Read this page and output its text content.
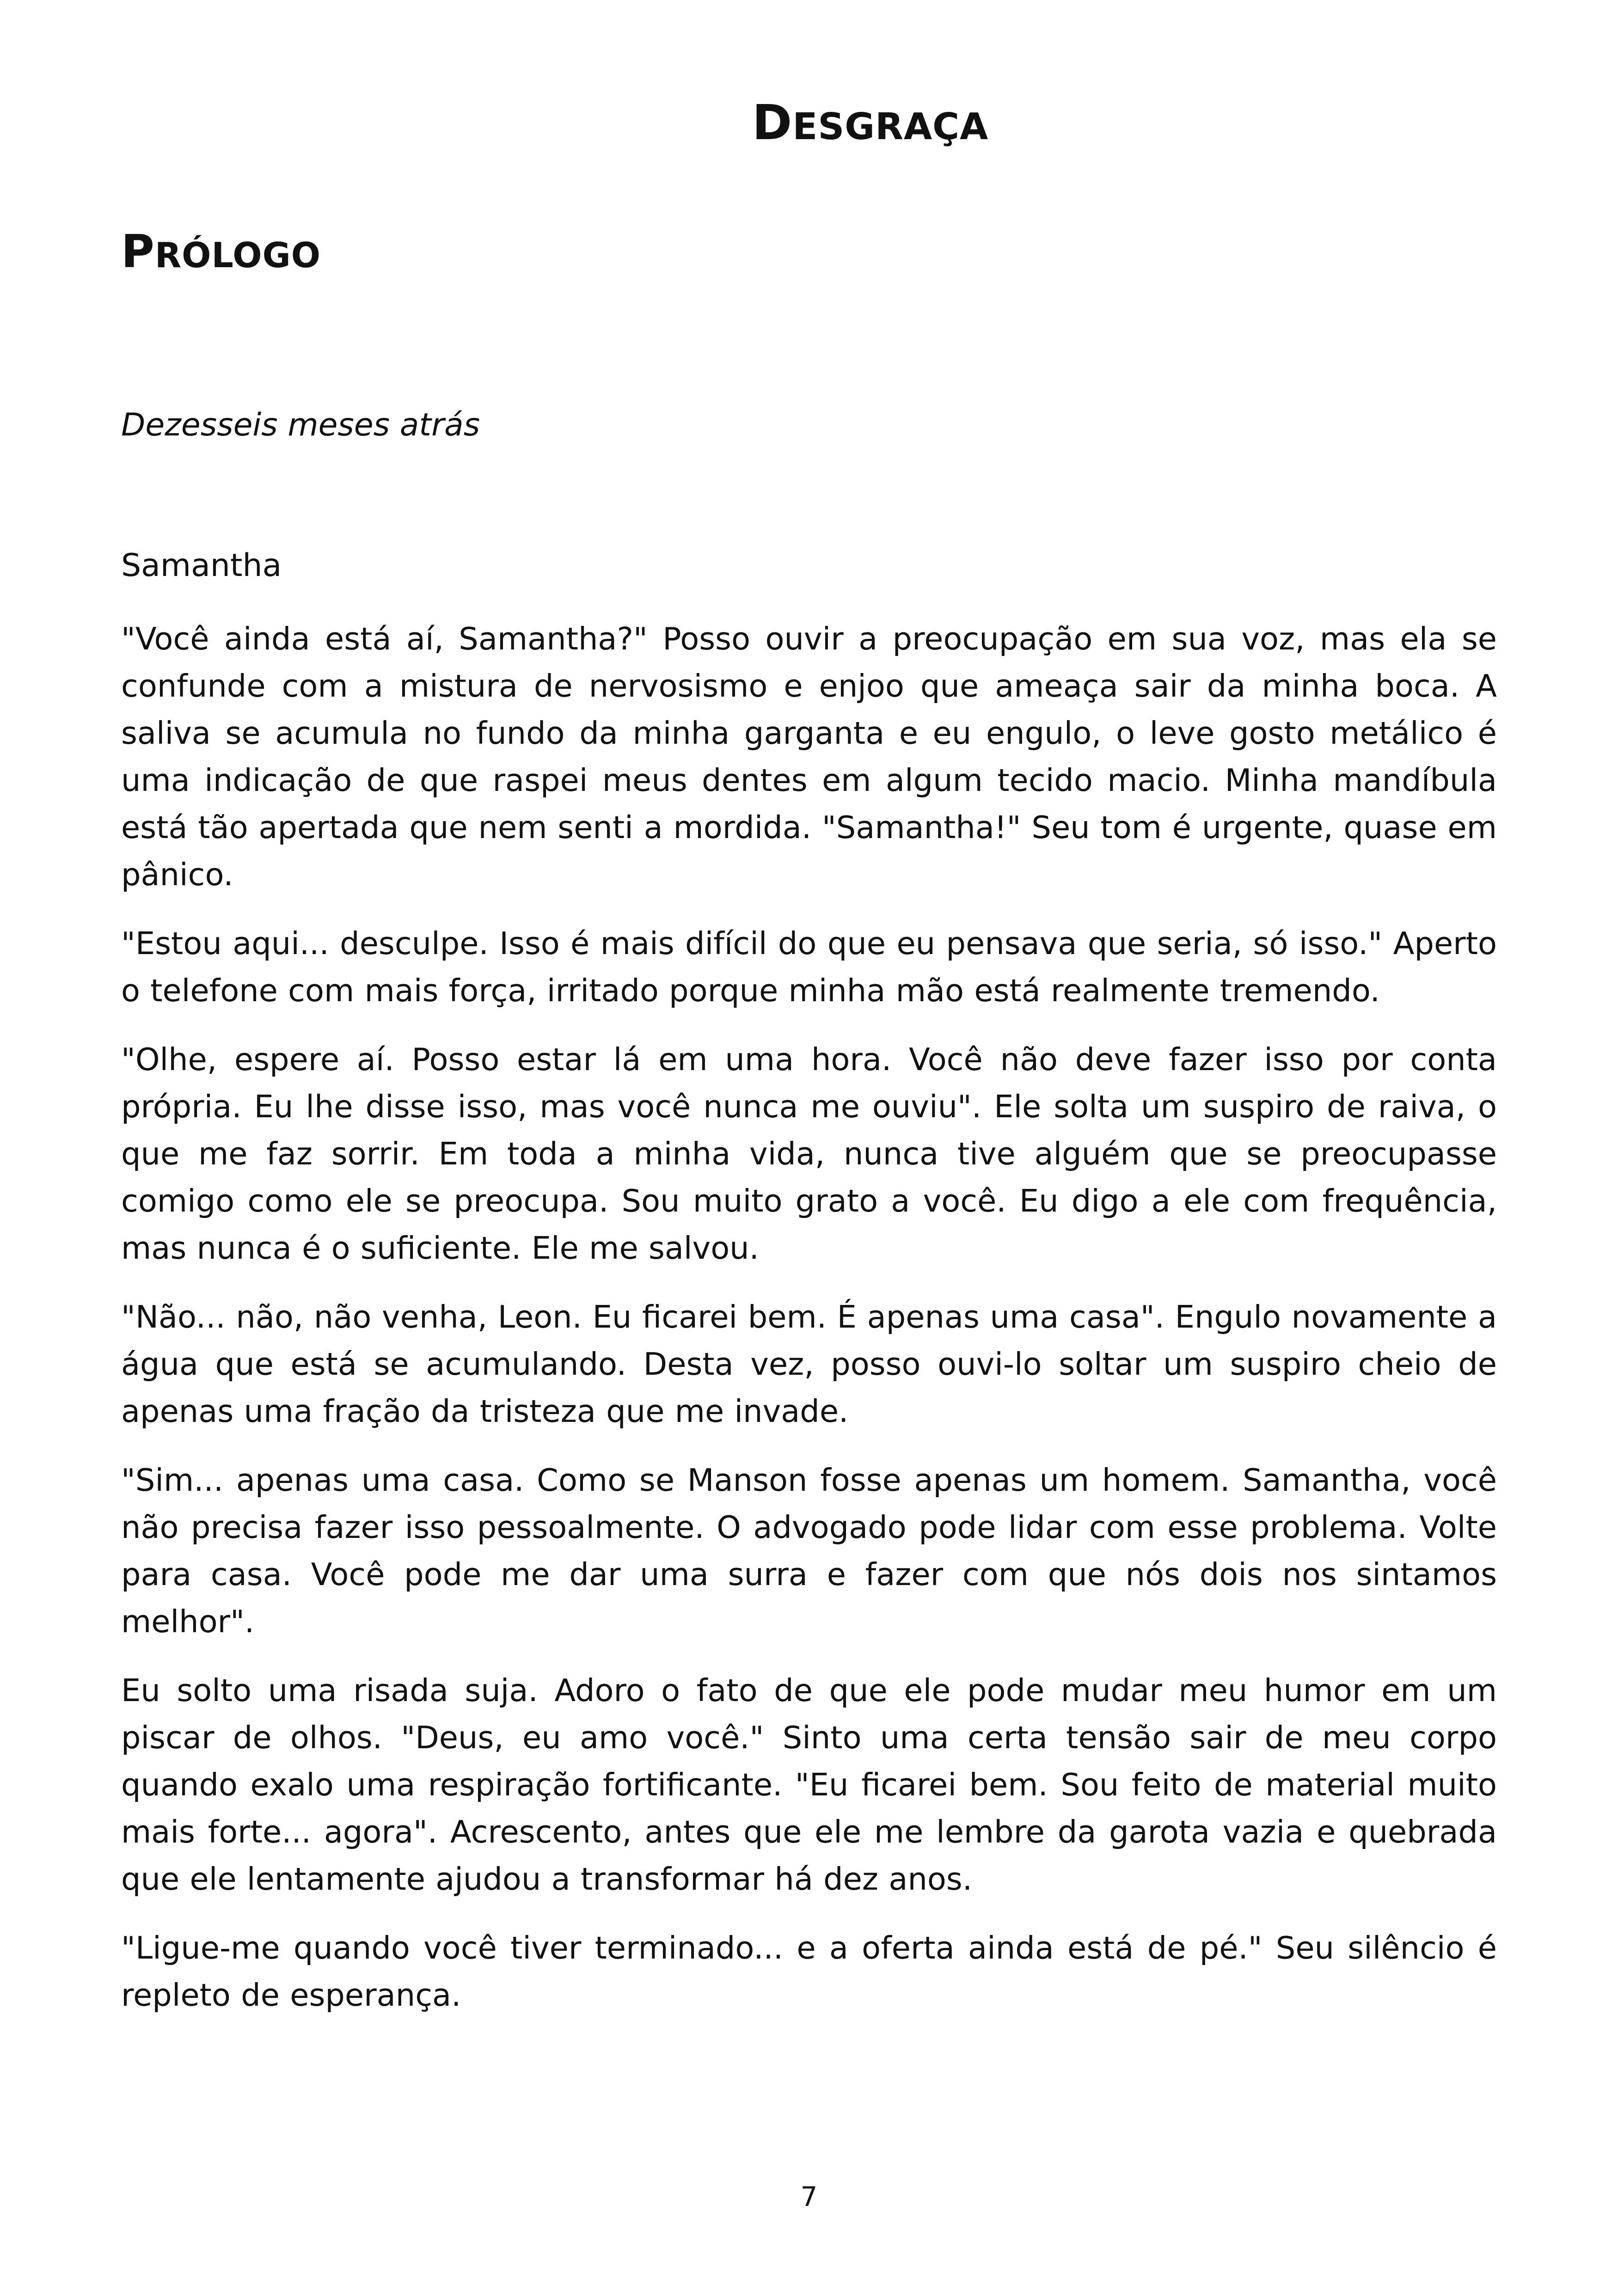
DESGRAÇA
PRÓLOGO

Dezesseis meses atrás

Samantha

"Você ainda está aí, Samantha?" Posso ouvir a preocupação em sua voz, mas ela se confunde com a mistura de nervosismo e enjoo que ameaça sair da minha boca. A saliva se acumula no fundo da minha garganta e eu engulo, o leve gosto metálico é uma indicação de que raspei meus dentes em algum tecido macio. Minha mandíbula está tão apertada que nem senti a mordida. "Samantha!" Seu tom é urgente, quase em pânico.

"Estou aqui... desculpe. Isso é mais difícil do que eu pensava que seria, só isso." Aperto o telefone com mais força, irritado porque minha mão está realmente tremendo.

"Olhe, espere aí. Posso estar lá em uma hora. Você não deve fazer isso por conta própria. Eu lhe disse isso, mas você nunca me ouviu". Ele solta um suspiro de raiva, o que me faz sorrir. Em toda a minha vida, nunca tive alguém que se preocupasse comigo como ele se preocupa. Sou muito grato a você. Eu digo a ele com frequência, mas nunca é o suficiente. Ele me salvou.

"Não... não, não venha, Leon. Eu ficarei bem. É apenas uma casa". Engulo novamente a água que está se acumulando. Desta vez, posso ouvi-lo soltar um suspiro cheio de apenas uma fração da tristeza que me invade.

"Sim... apenas uma casa. Como se Manson fosse apenas um homem. Samantha, você não precisa fazer isso pessoalmente. O advogado pode lidar com esse problema. Volte para casa. Você pode me dar uma surra e fazer com que nós dois nos sintamos melhor".

Eu solto uma risada suja. Adoro o fato de que ele pode mudar meu humor em um piscar de olhos. "Deus, eu amo você." Sinto uma certa tensão sair de meu corpo quando exalo uma respiração fortificante. "Eu ficarei bem. Sou feito de material muito mais forte... agora". Acrescento, antes que ele me lembre da garota vazia e quebrada que ele lentamente ajudou a transformar há dez anos.

"Ligue-me quando você tiver terminado... e a oferta ainda está de pé." Seu silêncio é repleto de esperança.

7
